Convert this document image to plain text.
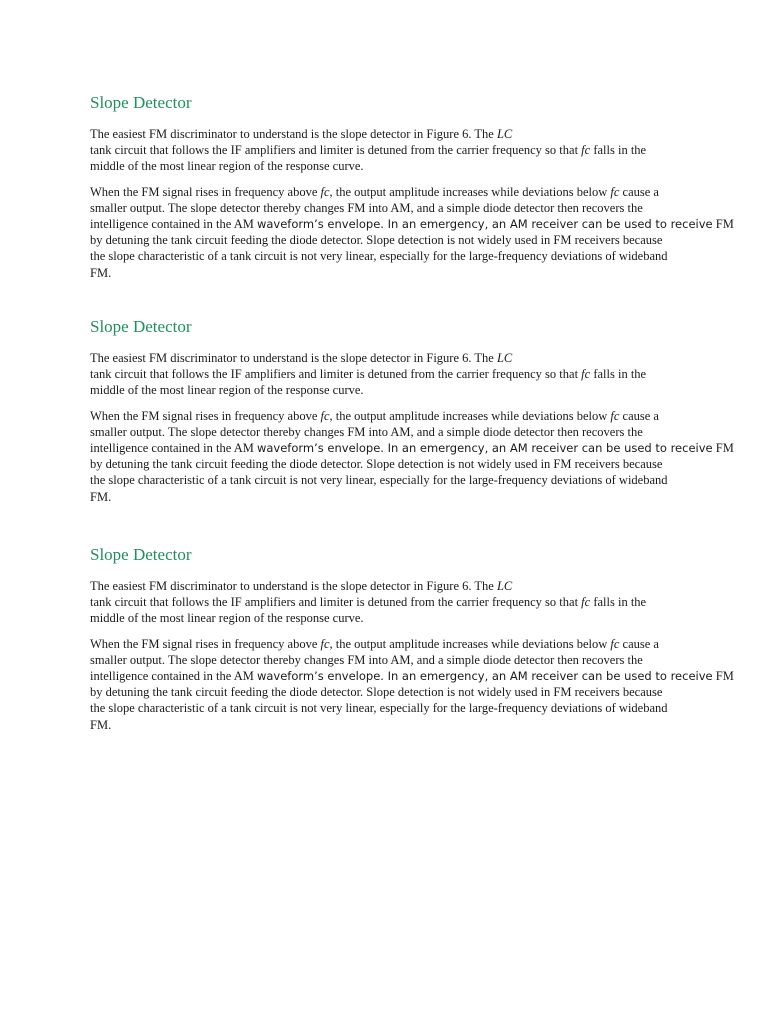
Slope Detector

The easiest FM discriminator to understand is the slope detector in Figure 6. The LC
tank circuit that follows the IF amplifiers and limiter is detuned from the carrier frequency so that fc falls in the
middle of the most linear region of the response curve.

When the FM signal rises in frequency above fc, the output amplitude increases while deviations below fc cause a
smaller output. The slope detector thereby changes FM into AM, and a simple diode detector then recovers the
intelligence contained in the AM waveform’s envelope. In an emergency, an AM receiver can be used to receive FM
by detuning the tank circuit feeding the diode detector. Slope detection is not widely used in FM receivers because
the slope characteristic of a tank circuit is not very linear, especially for the large-frequency deviations of wideband
FM.

Slope Detector

The easiest FM discriminator to understand is the slope detector in Figure 6. The LC
tank circuit that follows the IF amplifiers and limiter is detuned from the carrier frequency so that fc falls in the
middle of the most linear region of the response curve.

When the FM signal rises in frequency above fc, the output amplitude increases while deviations below fc cause a
smaller output. The slope detector thereby changes FM into AM, and a simple diode detector then recovers the
intelligence contained in the AM waveform’s envelope. In an emergency, an AM receiver can be used to receive FM
by detuning the tank circuit feeding the diode detector. Slope detection is not widely used in FM receivers because
the slope characteristic of a tank circuit is not very linear, especially for the large-frequency deviations of wideband
FM.

Slope Detector

The easiest FM discriminator to understand is the slope detector in Figure 6. The LC
tank circuit that follows the IF amplifiers and limiter is detuned from the carrier frequency so that fc falls in the
middle of the most linear region of the response curve.

When the FM signal rises in frequency above fc, the output amplitude increases while deviations below fc cause a
smaller output. The slope detector thereby changes FM into AM, and a simple diode detector then recovers the
intelligence contained in the AM waveform’s envelope. In an emergency, an AM receiver can be used to receive FM
by detuning the tank circuit feeding the diode detector. Slope detection is not widely used in FM receivers because
the slope characteristic of a tank circuit is not very linear, especially for the large-frequency deviations of wideband
FM.
